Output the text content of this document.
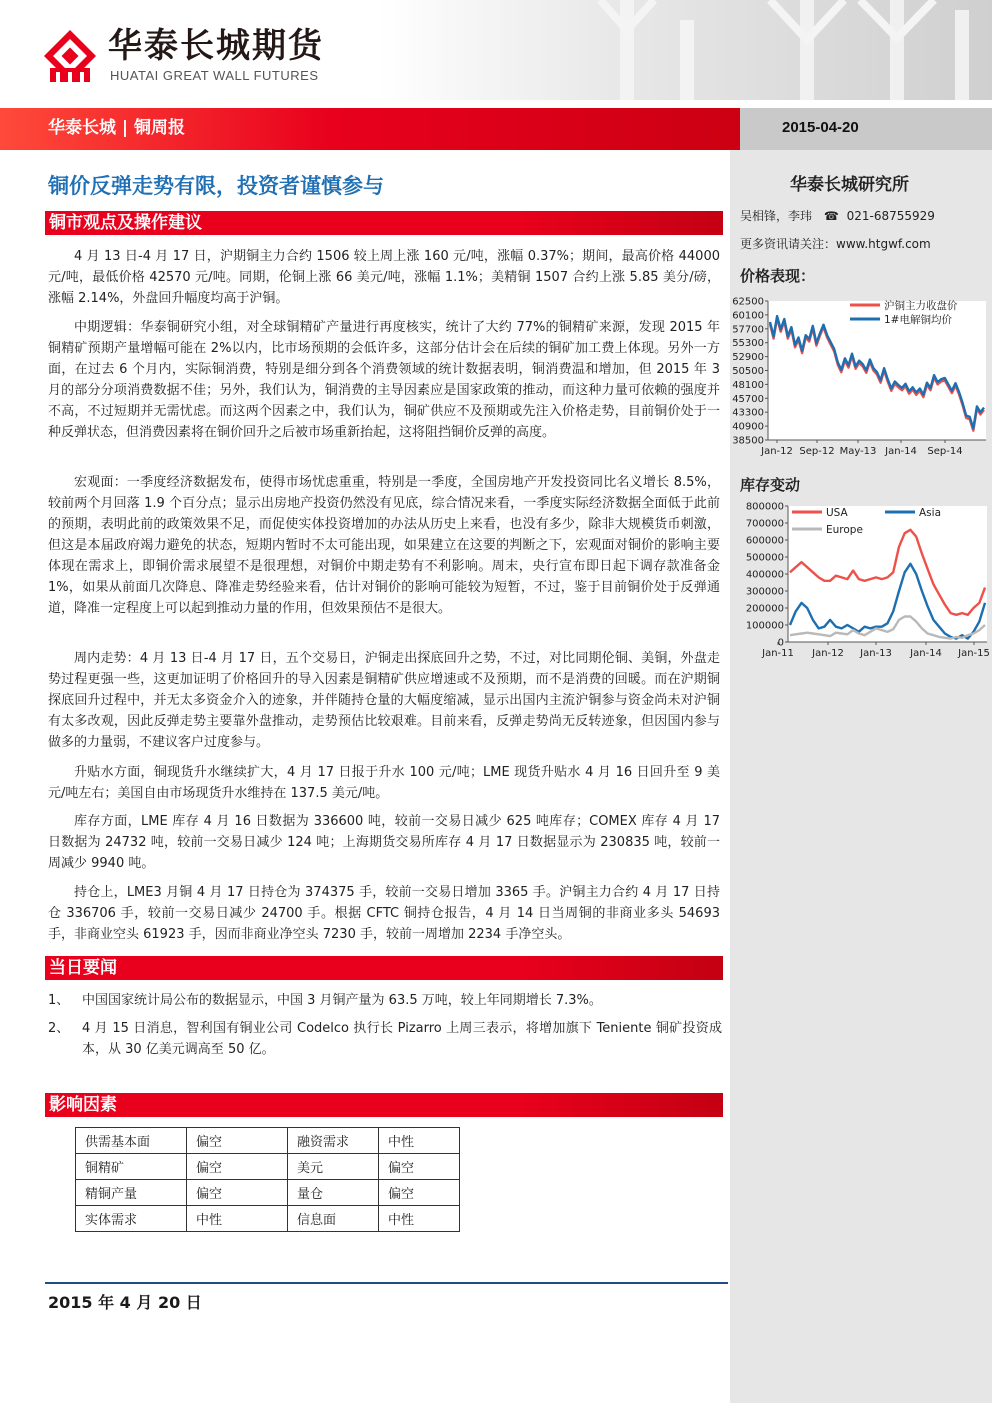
华泰长城期货
HUATAI GREAT WALL FUTURES
华泰长城 | 铜周报	2015-04-20
铜价反弹走势有限，投资者谨慎参与
铜市观点及操作建议

4 月 13 日-4 月 17 日，沪期铜主力合约 1506 较上周上涨 160 元/吨，涨幅 0.37%；期间，最高价格 44000 元/吨，最低价格 42570 元/吨。同期，伦铜上涨 66 美元/吨，涨幅 1.1%；美精铜 1507 合约上涨 5.85 美分/磅，涨幅 2.14%，外盘回升幅度均高于沪铜。

中期逻辑：华泰铜研究小组，对全球铜精矿产量进行再度核实，统计了大约 77%的铜精矿来源，发现 2015 年铜精矿预期产量增幅可能在 2%以内，比市场预期的会低许多，这部分估计会在后续的铜矿加工费上体现。另外一方面，在过去 6 个月内，实际铜消费，特别是细分到各个消费领域的统计数据表明，铜消费温和增加，但 2015 年 3 月的部分分项消费数据不佳；另外，我们认为，铜消费的主导因素应是国家政策的推动，而这种力量可依赖的强度并不高，不过短期并无需忧虑。而这两个因素之中，我们认为，铜矿供应不及预期或先注入价格走势，目前铜价处于一种反弹状态，但消费因素将在铜价回升之后被市场重新抬起，这将阻挡铜价反弹的高度。

宏观面：一季度经济数据发布，使得市场忧虑重重，特别是一季度，全国房地产开发投资同比名义增长 8.5%，较前两个月回落 1.9 个百分点；显示出房地产投资仍然没有见底，综合情况来看，一季度实际经济数据全面低于此前的预期，表明此前的政策效果不足，而促使实体投资增加的办法从历史上来看，也没有多少，除非大规模货币刺激，但这是本届政府竭力避免的状态，短期内暂时不太可能出现，如果建立在这要的判断之下，宏观面对铜价的影响主要体现在需求上，即铜价需求展望不是很理想，对铜价中期走势有不利影响。周末，央行宣布即日起下调存款准备金 1%，如果从前面几次降息、降准走势经验来看，估计对铜价的影响可能较为短暂，不过，鉴于目前铜价处于反弹通道，降准一定程度上可以起到推动力量的作用，但效果预估不是很大。

周内走势：4 月 13 日-4 月 17 日，五个交易日，沪铜走出探底回升之势，不过，对比同期伦铜、美铜，外盘走势过程更强一些，这更加证明了价格回升的导入因素是铜精矿供应增速或不及预期，而不是消费的回暖。而在沪期铜探底回升过程中，并无太多资金介入的迹象，并伴随持仓量的大幅度缩减，显示出国内主流沪铜参与资金尚未对沪铜有太多改观，因此反弹走势主要靠外盘推动，走势预估比较艰难。目前来看，反弹走势尚无反转迹象，但因国内参与做多的力量弱，不建议客户过度参与。

升贴水方面，铜现货升水继续扩大，4 月 17 日报于升水 100 元/吨；LME 现货升贴水 4 月 16 日回升至 9 美元/吨左右；美国自由市场现货升水维持在 137.5 美元/吨。

库存方面，LME 库存 4 月 16 日数据为 336600 吨，较前一交易日减少 625 吨库存；COMEX 库存 4 月 17 日数据为 24732 吨，较前一交易日减少 124 吨；上海期货交易所库存 4 月 17 日数据显示为 230835 吨，较前一周减少 9940 吨。

持仓上，LME3 月铜 4 月 17 日持仓为 374375 手，较前一交易日增加 3365 手。沪铜主力合约 4 月 17 日持仓 336706 手，较前一交易日减少 24700 手。根据 CFTC 铜持仓报告，4 月 14 日当周铜的非商业多头 54693 手，非商业空头 61923 手，因而非商业净空头 7230 手，较前一周增加 2234 手净空头。

当日要闻
1、 中国国家统计局公布的数据显示，中国 3 月铜产量为 63.5 万吨，较上年同期增长 7.3%。
2、 4 月 15 日消息，智利国有铜业公司 Codelco 执行长 Pizarro 上周三表示，将增加旗下 Teniente 铜矿投资成本，从 30 亿美元调高至 50 亿。
影响因素
供需基本面	偏空	融资需求	中性
铜精矿	偏空	美元	偏空
精铜产量	偏空	量仓	偏空
实体需求	中性	信息面	中性
2015 年 4 月 20 日
华泰长城研究所
吴相锋，李玮 ☎ 021-68755929
更多资讯请关注：www.htgwf.com
价格表现：
62500
60100
57700
55300
52900
50500
48100
45700
43300
40900
38500
Jan-12 Sep-12 May-13 Jan-14 Sep-14
沪铜主力收盘价
1#电解铜均价
库存变动
800000
700000
600000
500000
400000
300000
200000
100000
0
Jan-11 Jan-12 Jan-13 Jan-14 Jan-15
USA	Asia
Europe
